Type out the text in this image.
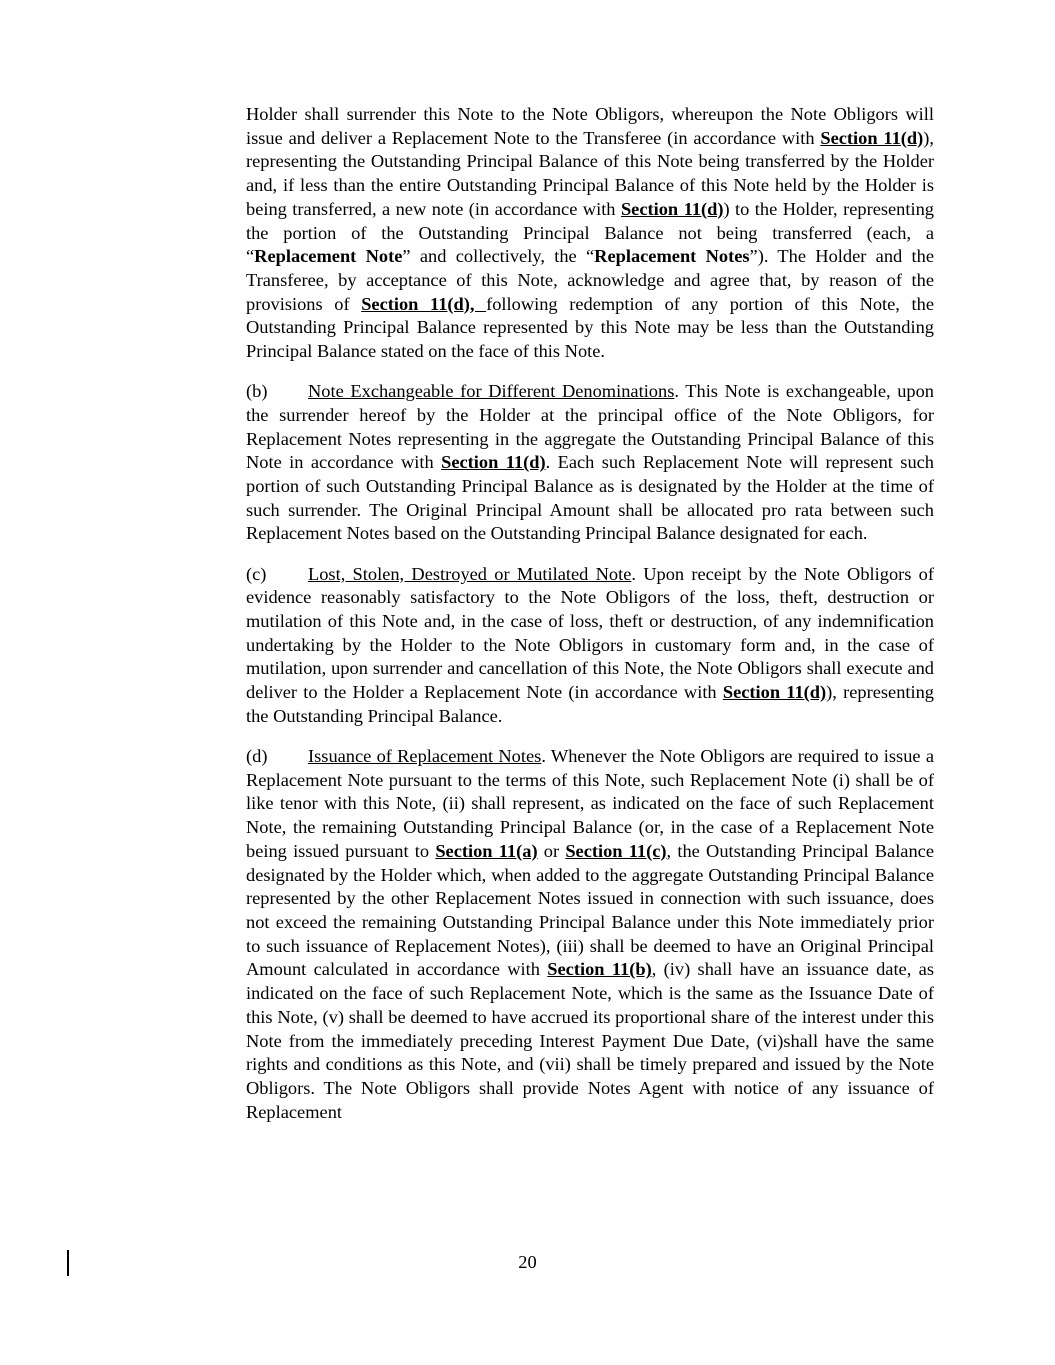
Holder shall surrender this Note to the Note Obligors, whereupon the Note Obligors will issue and deliver a Replacement Note to the Transferee (in accordance with Section 11(d)), representing the Outstanding Principal Balance of this Note being transferred by the Holder and, if less than the entire Outstanding Principal Balance of this Note held by the Holder is being transferred, a new note (in accordance with Section 11(d)) to the Holder, representing the portion of the Outstanding Principal Balance not being transferred (each, a “Replacement Note” and collectively, the “Replacement Notes”). The Holder and the Transferee, by acceptance of this Note, acknowledge and agree that, by reason of the provisions of Section 11(d), following redemption of any portion of this Note, the Outstanding Principal Balance represented by this Note may be less than the Outstanding Principal Balance stated on the face of this Note.

(b) Note Exchangeable for Different Denominations. This Note is exchangeable, upon the surrender hereof by the Holder at the principal office of the Note Obligors, for Replacement Notes representing in the aggregate the Outstanding Principal Balance of this Note in accordance with Section 11(d). Each such Replacement Note will represent such portion of such Outstanding Principal Balance as is designated by the Holder at the time of such surrender. The Original Principal Amount shall be allocated pro rata between such Replacement Notes based on the Outstanding Principal Balance designated for each.

(c) Lost, Stolen, Destroyed or Mutilated Note. Upon receipt by the Note Obligors of evidence reasonably satisfactory to the Note Obligors of the loss, theft, destruction or mutilation of this Note and, in the case of loss, theft or destruction, of any indemnification undertaking by the Holder to the Note Obligors in customary form and, in the case of mutilation, upon surrender and cancellation of this Note, the Note Obligors shall execute and deliver to the Holder a Replacement Note (in accordance with Section 11(d)), representing the Outstanding Principal Balance.

(d) Issuance of Replacement Notes. Whenever the Note Obligors are required to issue a Replacement Note pursuant to the terms of this Note, such Replacement Note (i) shall be of like tenor with this Note, (ii) shall represent, as indicated on the face of such Replacement Note, the remaining Outstanding Principal Balance (or, in the case of a Replacement Note being issued pursuant to Section 11(a) or Section 11(c), the Outstanding Principal Balance designated by the Holder which, when added to the aggregate Outstanding Principal Balance represented by the other Replacement Notes issued in connection with such issuance, does not exceed the remaining Outstanding Principal Balance under this Note immediately prior to such issuance of Replacement Notes), (iii) shall be deemed to have an Original Principal Amount calculated in accordance with Section 11(b), (iv) shall have an issuance date, as indicated on the face of such Replacement Note, which is the same as the Issuance Date of this Note, (v) shall be deemed to have accrued its proportional share of the interest under this Note from the immediately preceding Interest Payment Due Date, (vi)shall have the same rights and conditions as this Note, and (vii) shall be timely prepared and issued by the Note Obligors. The Note Obligors shall provide Notes Agent with notice of any issuance of Replacement

20
